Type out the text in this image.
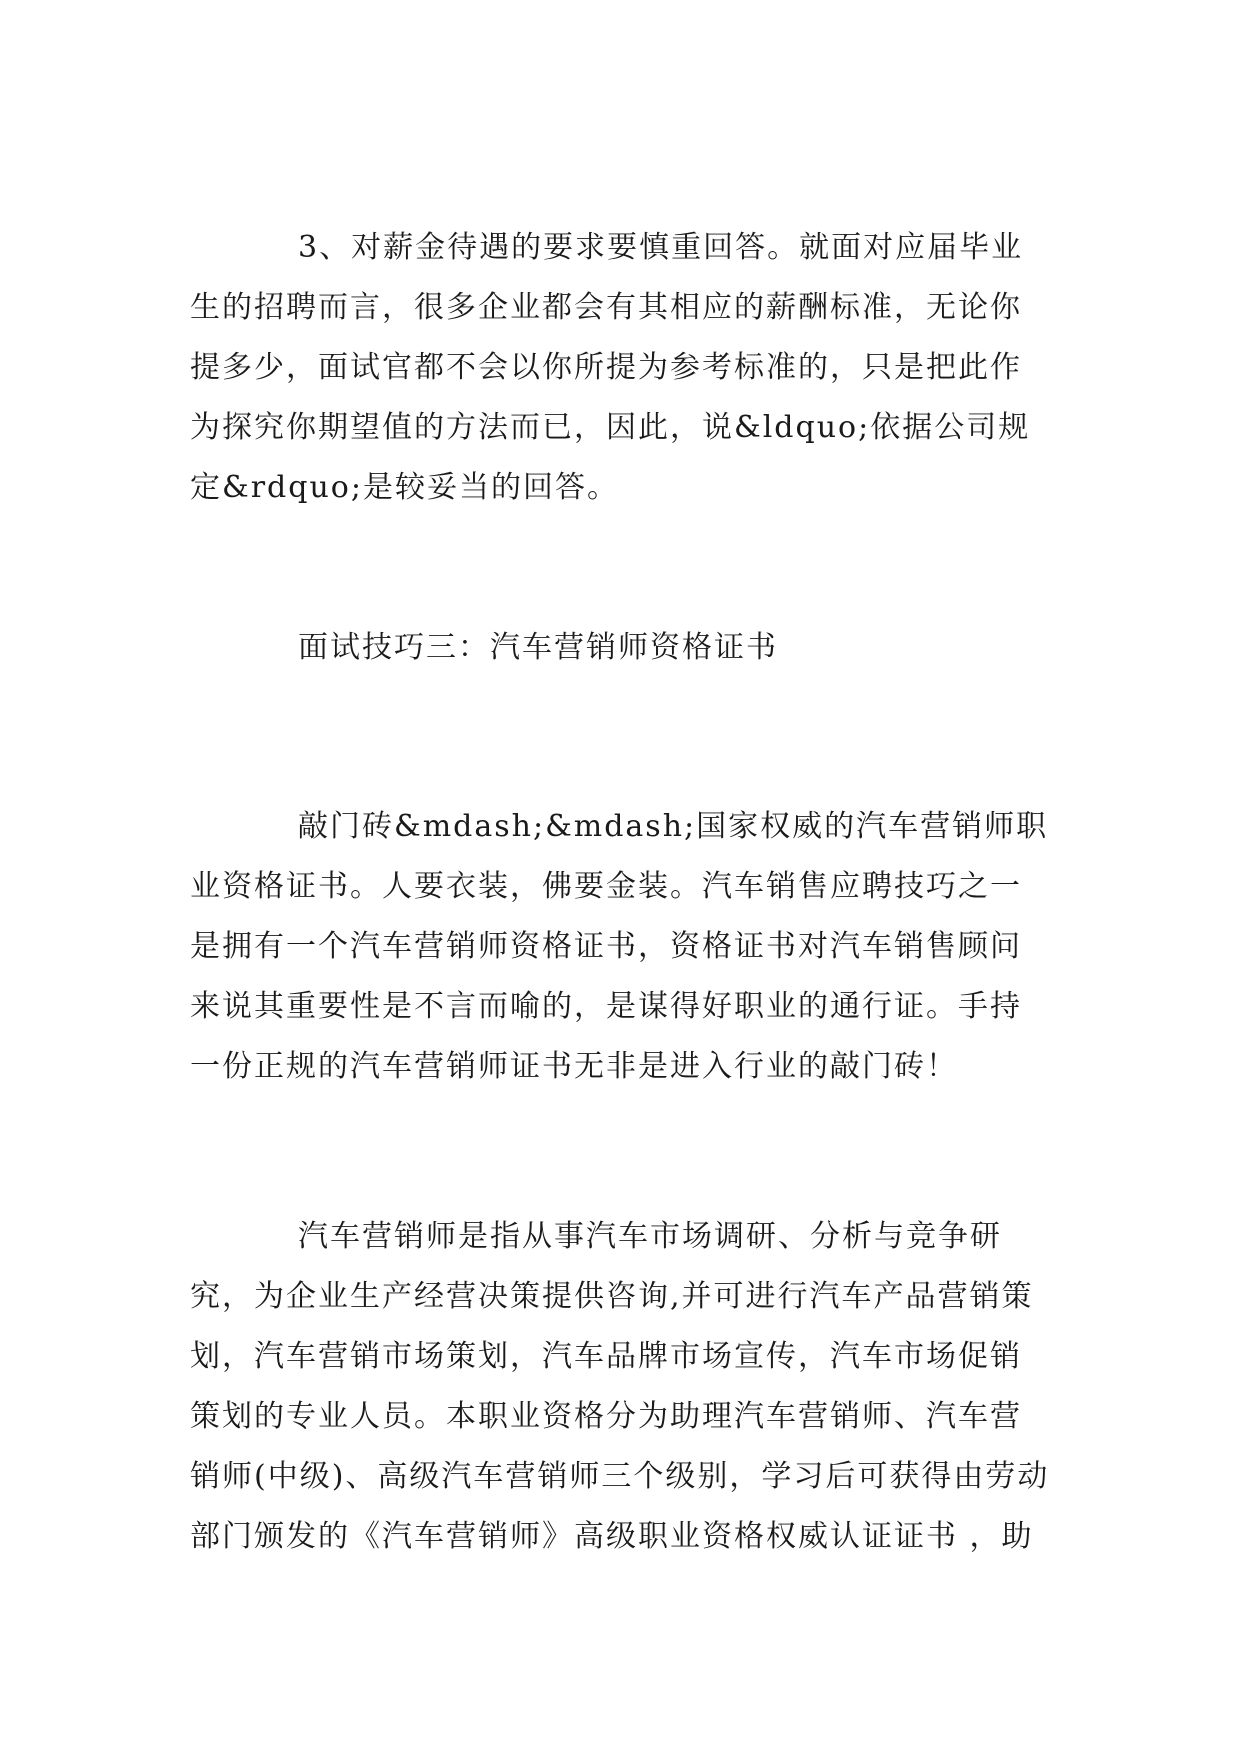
3、对薪金待遇的要求要慎重回答。就面对应届毕业生的招聘而言，很多企业都会有其相应的薪酬标准，无论你提多少，面试官都不会以你所提为参考标准的，只是把此作为探究你期望值的方法而已，因此，说&ldquo;依据公司规定&rdquo;是较妥当的回答。

面试技巧三：汽车营销师资格证书

敲门砖&mdash;&mdash;国家权威的汽车营销师职业资格证书。人要衣装，佛要金装。汽车销售应聘技巧之一是拥有一个汽车营销师资格证书，资格证书对汽车销售顾问来说其重要性是不言而喻的，是谋得好职业的通行证。手持一份正规的汽车营销师证书无非是进入行业的敲门砖！

汽车营销师是指从事汽车市场调研、分析与竞争研究，为企业生产经营决策提供咨询,并可进行汽车产品营销策划，汽车营销市场策划，汽车品牌市场宣传，汽车市场促销策划的专业人员。本职业资格分为助理汽车营销师、汽车营销师(中级)、高级汽车营销师三个级别，学习后可获得由劳动部门颁发的《汽车营销师》高级职业资格权威认证证书 ，助
